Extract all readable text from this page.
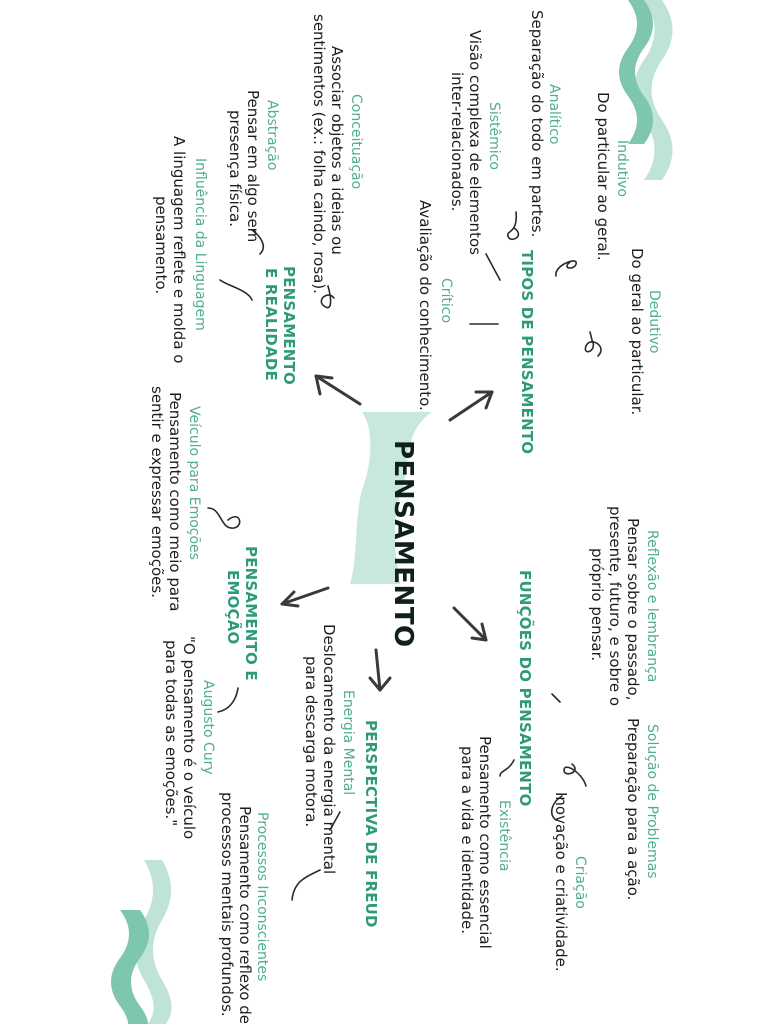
PENSAMENTO
TIPOS DE PENSAMENTO	Dedutivo
Do geral ao particular.
Indutivo
Do particular ao geral.
Analítico
Separação do todo em partes.
Sistêmico
Visão complexa de elementos
inter-relacionados.
Crítico
Avaliação do conhecimento.
PENSAMENTO
E REALIDADE
Conceituação
Associar objetos a ideias ou
sentimentos (ex.: folha caindo, rosa).
Abstração
Pensar em algo sem
presença física.
Influência da Linguagem
A linguagem reflete e molda o
pensamento.
PENSAMENTO E
EMOÇÃO
Veículo para Emoções
Pensamento como meio para
sentir e expressar emoções.
Augusto Cury
"O pensamento é o veículo
para todas as emoções."	PERSPECTIVA DE FREUD
Energia Mental
Deslocamento da energia mental
para descarga motora.
Processos Inconscientes
Pensamento como reflexo de
processos mentais profundos.
FUNÇÕES DO PENSAMENTO	Reflexão e lembrança
Pensar sobre o passado,
presente, futuro, e sobre o
próprio pensar.
Solução de Problemas
Preparação para a ação.
Criação
Inovação e criatividade.
Existência
Pensamento como essencial
para a vida e identidade.
